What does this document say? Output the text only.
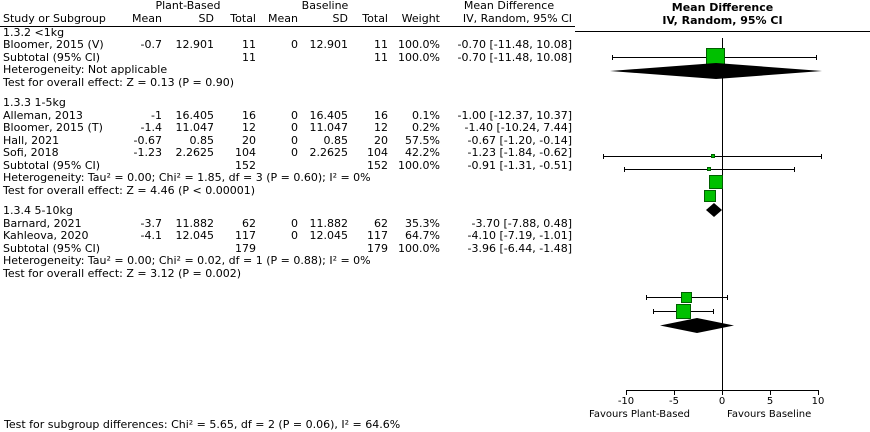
	Plant-Based			Baseline				Mean Difference
Study or Subgroup	Mean	SD	Total	Mean	SD	Total	Weight	IV, Random, 95% CI

1.3.2 <1kg								
Bloomer, 2015 (V)	-0.7	12.901	11	0	12.901	11	100.0%	-0.70 [-11.48, 10.08]
Subtotal (95% CI)			11			11	100.0%	-0.70 [-11.48, 10.08]
Heterogeneity: Not applicable								
Test for overall effect: Z = 0.13 (P = 0.90)								

1.3.3 1-5kg								
Alleman, 2013	-1	16.405	16	0	16.405	16	0.1%	-1.00 [-12.37, 10.37]
Bloomer, 2015 (T)	-1.4	11.047	12	0	11.047	12	0.2%	-1.40 [-10.24, 7.44]
Hall, 2021	-0.67	0.85	20	0	0.85	20	57.5%	-0.67 [-1.20, -0.14]
Sofi, 2018	-1.23	2.2625	104	0	2.2625	104	42.2%	-1.23 [-1.84, -0.62]
Subtotal (95% CI)			152			152	100.0%	-0.91 [-1.31, -0.51]
Heterogeneity: Tau² = 0.00; Chi² = 1.85, df = 3 (P = 0.60); I² = 0%								
Test for overall effect: Z = 4.46 (P < 0.00001)								

1.3.4 5-10kg								
Barnard, 2021	-3.7	11.882	62	0	11.882	62	35.3%	-3.70 [-7.88, 0.48]
Kahleova, 2020	-4.1	12.045	117	0	12.045	117	64.7%	-4.10 [-7.19, -1.01]
Subtotal (95% CI)			179			179	100.0%	-3.96 [-6.44, -1.48]
Heterogeneity: Tau² = 0.00; Chi² = 0.02, df = 1 (P = 0.88); I² = 0%								
Test for overall effect: Z = 3.12 (P = 0.002)								
Test for subgroup differences: Chi² = 5.65, df = 2 (P = 0.06), I² = 64.6%
Mean Difference
IV, Random, 95% CI
-10	-5	0	5	10
Favours Plant-Based	Favours Baseline
